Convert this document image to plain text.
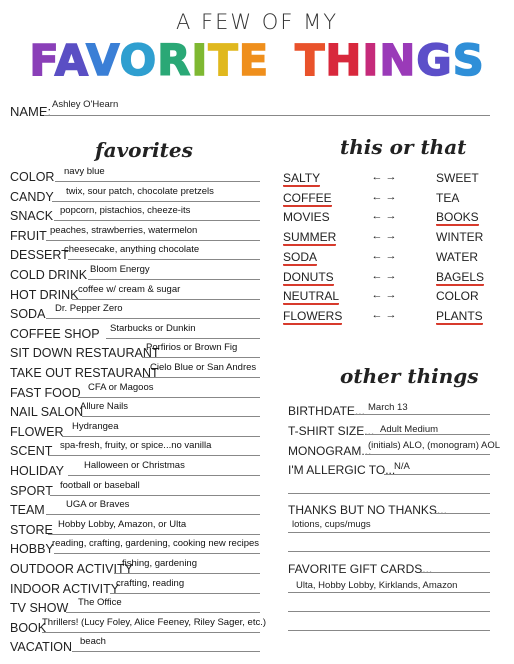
A FEW OF MY
FAVORITE THINGS
NAME: Ashley O'Hearn
favorites	this or that
other things
COLOR navy blue
CANDY twix, sour patch, chocolate pretzels
SNACK popcorn, pistachios, cheeze-its
FRUIT peaches, strawberries, watermelon
DESSERT
cheesecake, anything chocolate
COLD DRINK Bloom Energy
HOT DRINK coffee w/ cream & sugar
SODA Dr. Pepper Zero
COFFEE SHOP Starbucks or Dunkin
SIT DOWN RESTAURANT
Porfirios or Brown Fig
TAKE OUT RESTAURANT
Cielo Blue or San Andres
FAST FOOD CFA or Magoos
NAIL SALON
Allure Nails
FLOWER Hydrangea
SCENT spa-fresh, fruity, or spice...no vanilla
HOLIDAY Halloween or Christmas
SPORT football or baseball
TEAM UGA or Braves
STORE Hobby Lobby, Amazon, or Ulta
HOBBY
reading, crafting, gardening, cooking new recipes
OUTDOOR ACTIVITY
fishing, gardening
INDOOR ACTIVITY
crafting, reading
TV SHOW The Office
BOOK
Thrillers! (Lucy Foley, Alice Feeney, Riley Sager, etc.)
VACATION beach
SALTY	← →	SWEET
COFFEE	← →	TEA
MOVIES	← →	BOOKS
SUMMER	← →	WINTER
SODA	← →	WATER
DONUTS	← →	BAGELS
NEUTRAL	← →	COLOR
FLOWERS	← →	PLANTS
BIRTHDATE... March 13
T-SHIRT SIZE... Adult Medium
MONOGRAM...
(initials) ALO, (monogram) AOL
I'M ALLERGIC TO...
N/A
THANKS BUT NO THANKS...
lotions, cups/mugs
FAVORITE GIFT CARDS...
Ulta, Hobby Lobby, Kirklands, Amazon
